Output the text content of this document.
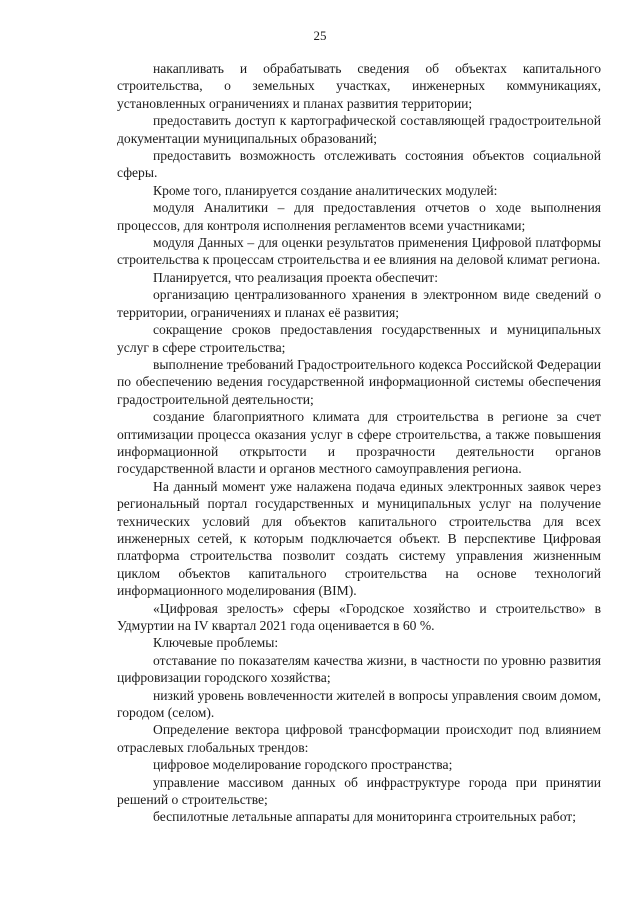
25

накапливать и обрабатывать сведения об объектах капитального строительства, о земельных участках, инженерных коммуникациях, установленных ограничениях и планах развития территории;

предоставить доступ к картографической составляющей градостроительной документации муниципальных образований;

предоставить возможность отслеживать состояния объектов социальной сферы.

Кроме того, планируется создание аналитических модулей:

модуля Аналитики – для предоставления отчетов о ходе выполнения процессов, для контроля исполнения регламентов всеми участниками;

модуля Данных – для оценки результатов применения Цифровой платформы строительства к процессам строительства и ее влияния на деловой климат региона.

Планируется, что реализация проекта обеспечит:

организацию централизованного хранения в электронном виде сведений о территории, ограничениях и планах её развития;

сокращение сроков предоставления государственных и муниципальных услуг в сфере строительства;

выполнение требований Градостроительного кодекса Российской Федерации по обеспечению ведения государственной информационной системы обеспечения градостроительной деятельности;

создание благоприятного климата для строительства в регионе за счет оптимизации процесса оказания услуг в сфере строительства, а также повышения информационной открытости и прозрачности деятельности органов государственной власти и органов местного самоуправления региона.

На данный момент уже налажена подача единых электронных заявок через региональный портал государственных и муниципальных услуг на получение технических условий для объектов капитального строительства для всех инженерных сетей, к которым подключается объект. В перспективе Цифровая платформа строительства позволит создать систему управления жизненным циклом объектов капитального строительства на основе технологий информационного моделирования (BIM).

«Цифровая зрелость» сферы «Городское хозяйство и строительство» в Удмуртии на IV квартал 2021 года оценивается в 60 %.

Ключевые проблемы:

отставание по показателям качества жизни, в частности по уровню развития цифровизации городского хозяйства;

низкий уровень вовлеченности жителей в вопросы управления своим домом, городом (селом).

Определение вектора цифровой трансформации происходит под влиянием отраслевых глобальных трендов:

цифровое моделирование городского пространства;

управление массивом данных об инфраструктуре города при принятии решений о строительстве;

беспилотные летальные аппараты для мониторинга строительных работ;
